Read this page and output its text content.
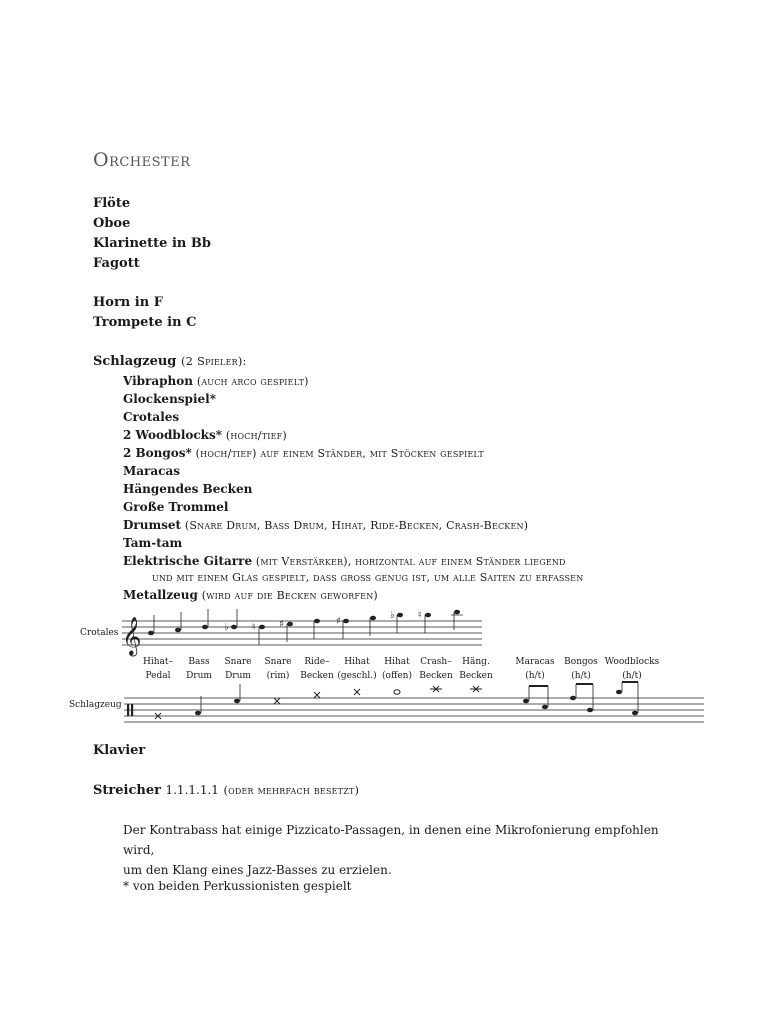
Orchester
Flöte
Oboe
Klarinette in Bb
Fagott
Horn in F
Trompete in C
Schlagzeug (2 Spieler):
Vibraphon (auch arco gespielt)
Glockenspiel*
Crotales
2 Woodblocks* (hoch/tief)
2 Bongos* (hoch/tief) auf einem Ständer, mit Stöcken gespielt
Maracas
Hängendes Becken
Große Trommel
Drumset (Snare Drum, Bass Drum, Hihat, Ride-Becken, Crash-Becken)
Tam-tam
Elektrische Gitarre (mit Verstärker), horizontal auf einem Ständer liegend
und mit einem Glas gespielt, dass groß genug ist, um alle Saiten zu erfassen
Metallzeug (wird auf die Becken geworfen)
Crotales
Schlagzeug
𝄞	♭ ♮ ♯	♯
♭ ♮
Hihat–
Pedal
Bass
Drum
Snare
Drum
Snare
(rim)
Ride–
Becken
Hihat
(geschl.)
Hihat
(offen)
Crash–
Becken
Häng.
Becken
Maracas
(h/t)
Bongos
(h/t)
Woodblocks
(h/t)
Klavier
Streicher 1.1.1.1.1 (oder mehrfach besetzt)
Der Kontrabass hat einige Pizzicato-Passagen, in denen eine Mikrofonierung empfohlen wird,
um den Klang eines Jazz-Basses zu erzielen.
* von beiden Perkussionisten gespielt
